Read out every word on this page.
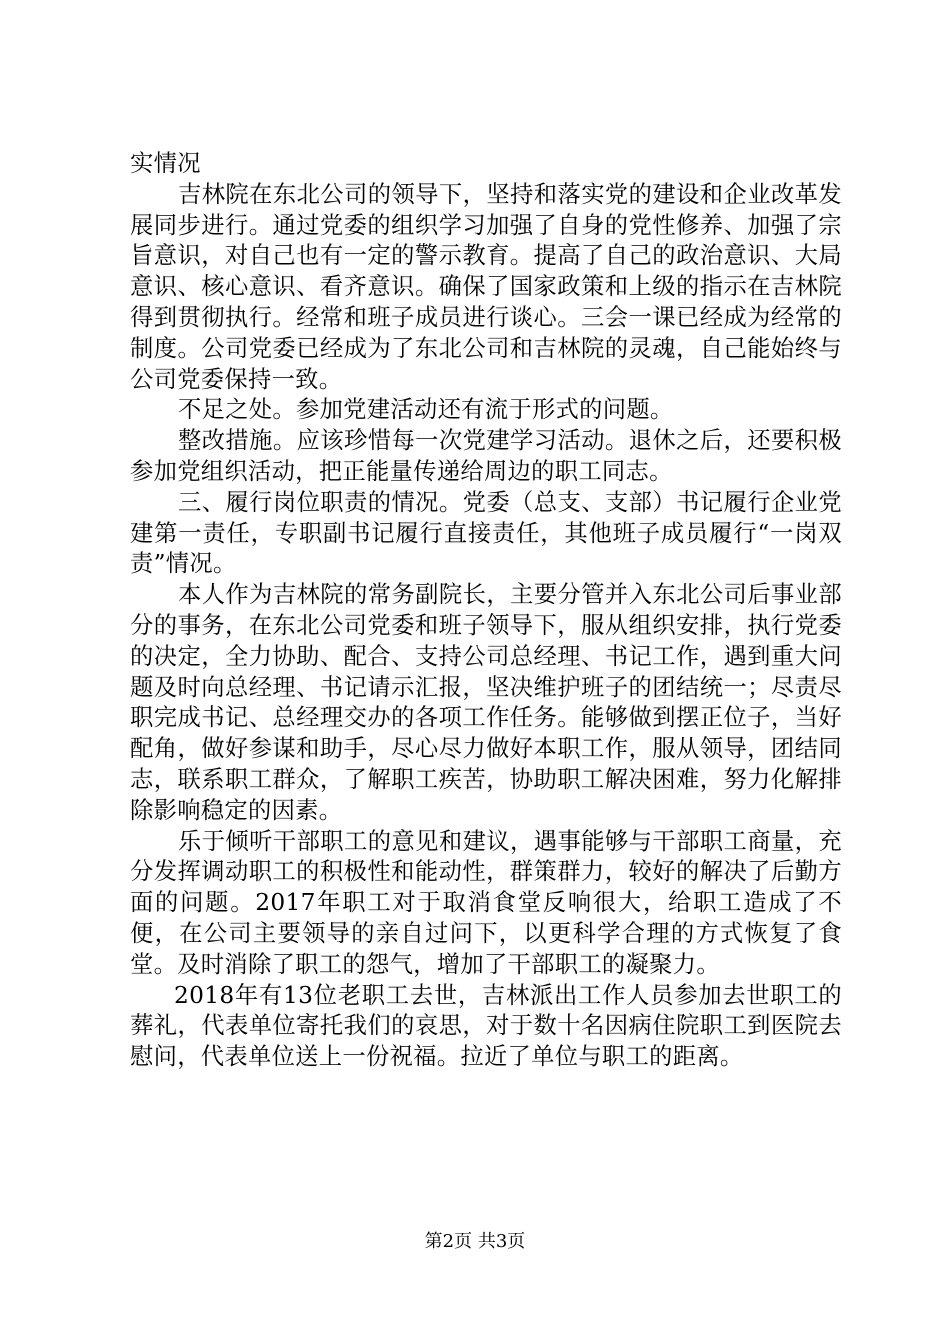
实情况

吉林院在东北公司的领导下，坚持和落实党的建设和企业改革发展同步进行。通过党委的组织学习加强了自身的党性修养、加强了宗旨意识，对自己也有一定的警示教育。提高了自己的政治意识、大局意识、核心意识、看齐意识。确保了国家政策和上级的指示在吉林院得到贯彻执行。经常和班子成员进行谈心。三会一课已经成为经常的制度。公司党委已经成为了东北公司和吉林院的灵魂，自己能始终与公司党委保持一致。

不足之处。参加党建活动还有流于形式的问题。

整改措施。应该珍惜每一次党建学习活动。退休之后，还要积极参加党组织活动，把正能量传递给周边的职工同志。

三、履行岗位职责的情况。党委（总支、支部）书记履行企业党建第一责任，专职副书记履行直接责任，其他班子成员履行“一岗双责”情况。

本人作为吉林院的常务副院长，主要分管并入东北公司后事业部分的事务，在东北公司党委和班子领导下，服从组织安排，执行党委的决定，全力协助、配合、支持公司总经理、书记工作，遇到重大问题及时向总经理、书记请示汇报，坚决维护班子的团结统一；尽责尽职完成书记、总经理交办的各项工作任务。能够做到摆正位子，当好配角，做好参谋和助手，尽心尽力做好本职工作，服从领导，团结同志，联系职工群众，了解职工疾苦，协助职工解决困难，努力化解排除影响稳定的因素。

乐于倾听干部职工的意见和建议，遇事能够与干部职工商量，充分发挥调动职工的积极性和能动性，群策群力，较好的解决了后勤方面的问题。2017年职工对于取消食堂反响很大，给职工造成了不便，在公司主要领导的亲自过问下，以更科学合理的方式恢复了食堂。及时消除了职工的怨气，增加了干部职工的凝聚力。

2018年有13位老职工去世，吉林派出工作人员参加去世职工的葬礼，代表单位寄托我们的哀思，对于数十名因病住院职工到医院去慰问，代表单位送上一份祝福。拉近了单位与职工的距离。

第2页 共3页
